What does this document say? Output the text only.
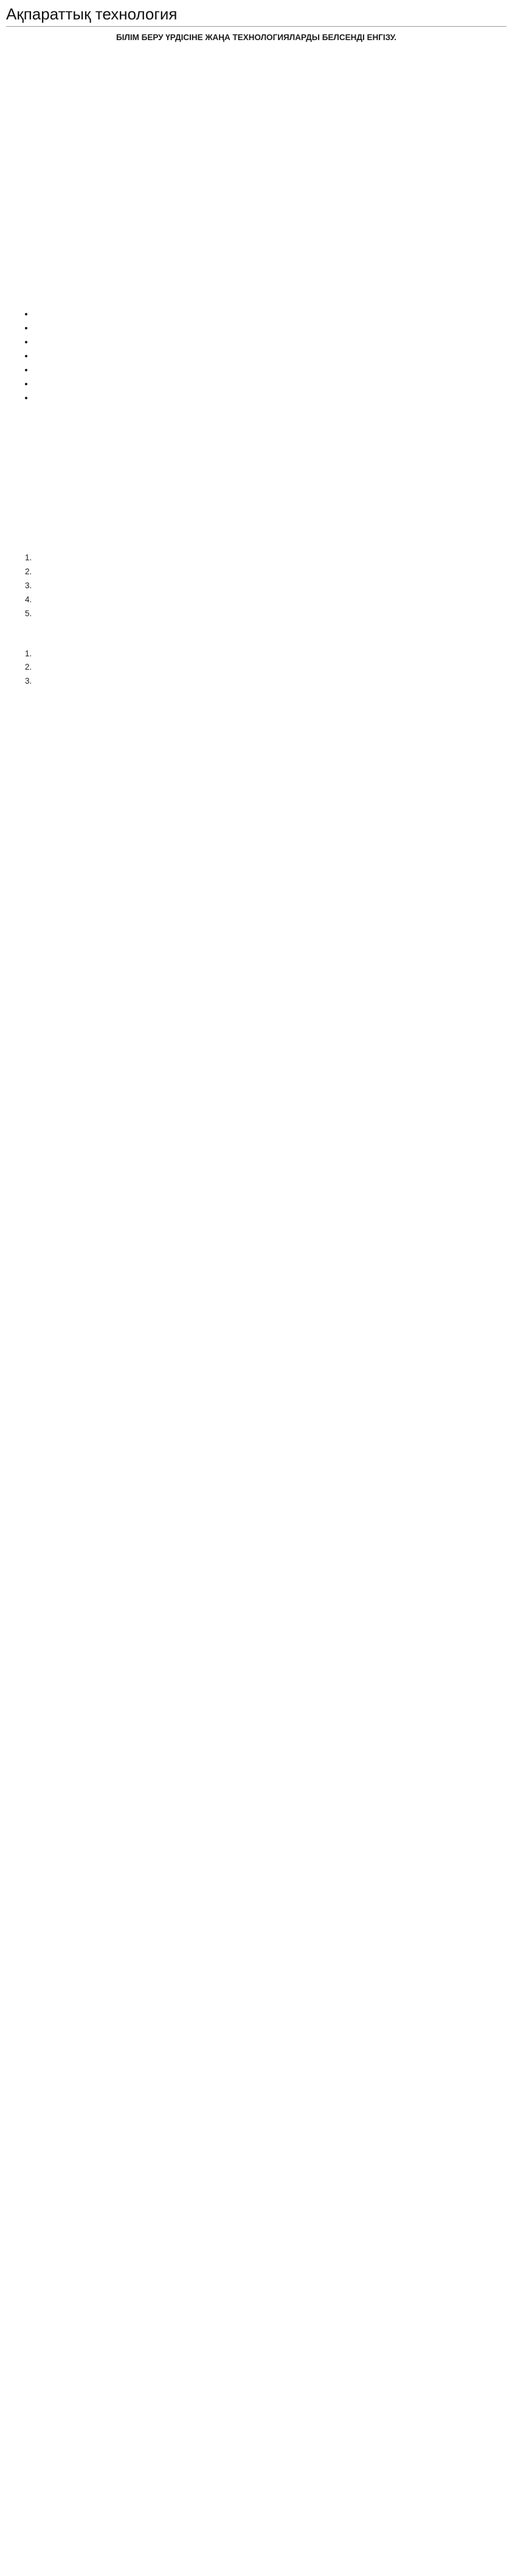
Ақпараттық технология
БІЛІМ БЕРУ ҮРДІСІНЕ ЖАҢА ТЕХНОЛОГИЯЛАРДЫ БЕЛСЕНДІ ЕНГІЗУ.

•
•
•
•
•
•
•

1.
2.
3.
4.
5.

1.
2.
3.
